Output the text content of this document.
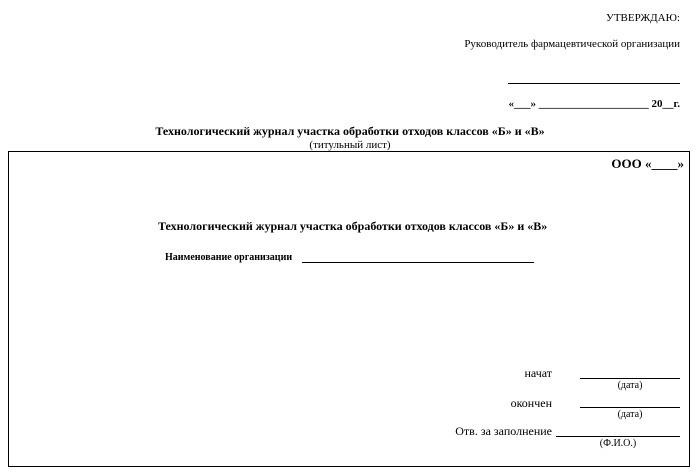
УТВЕРЖДАЮ:
Руководитель фармацевтической организации
«___» ____________________ 20__г.
Технологический журнал участка обработки отходов классов «Б» и «В»
(титульный лист)
ООО «____»
Технологический журнал участка обработки отходов классов «Б» и «В»
Наименование организации
начат
(дата)
окончен
(дата)
Отв. за заполнение
(Ф.И.О.)
